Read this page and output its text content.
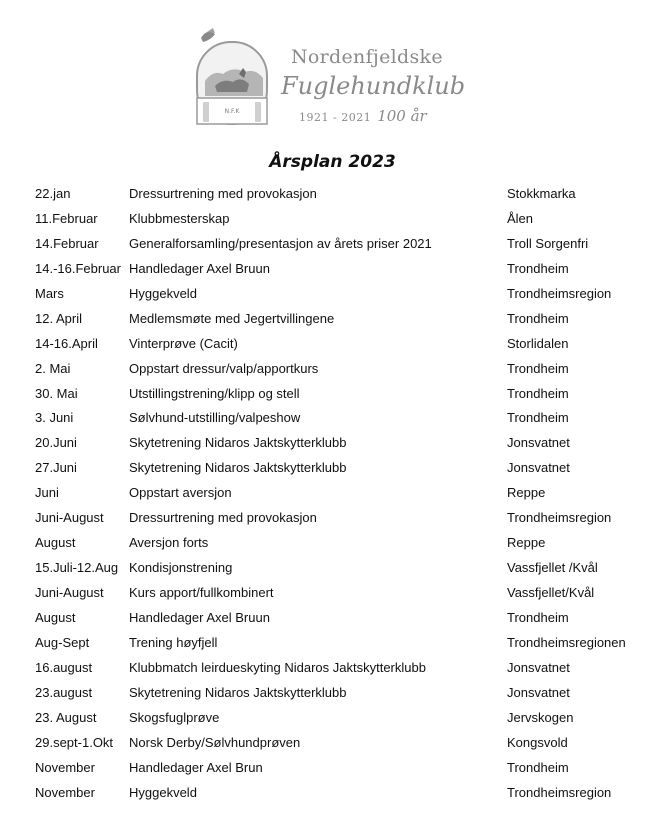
N.F.K
Nordenfjeldske
Fuglehundklub
1921 - 2021 100 år
Årsplan 2023
22.jan	Dressurtrening med provokasjon	Stokkmarka
11.Februar Klubbmesterskap	Ålen
14.Februar Generalforsamling/presentasjon av årets priser 2021	Troll Sorgenfri
14.-16.Februar Handledager Axel Bruun	Trondheim
Mars	Hyggekveld	Trondheimsregion
12. April	Medlemsmøte med Jegertvillingene	Trondheim
14-16.April Vinterprøve (Cacit)	Storlidalen
2. Mai	Oppstart dressur/valp/apportkurs	Trondheim
30. Mai	Utstillingstrening/klipp og stell	Trondheim
3. Juni	Sølvhund-utstilling/valpeshow	Trondheim
20.Juni	Skytetrening Nidaros Jaktskytterklubb	Jonsvatnet
27.Juni	Skytetrening Nidaros Jaktskytterklubb	Jonsvatnet
Juni	Oppstart aversjon	Reppe
Juni-August Dressurtrening med provokasjon	Trondheimsregion
August	Aversjon forts	Reppe
15.Juli-12.Aug Kondisjonstrening	Vassfjellet /Kvål
Juni-August Kurs apport/fullkombinert	Vassfjellet/Kvål
August	Handledager Axel Bruun	Trondheim
Aug-Sept	Trening høyfjell	Trondheimsregionen
16.august	Klubbmatch leirdueskyting Nidaros Jaktskytterklubb	Jonsvatnet
23.august	Skytetrening Nidaros Jaktskytterklubb	Jonsvatnet
23. August	Skogsfuglprøve	Jervskogen
29.sept-1.Okt Norsk Derby/Sølvhundprøven	Kongsvold
November	Handledager Axel Brun	Trondheim
November	Hyggekveld	Trondheimsregion
